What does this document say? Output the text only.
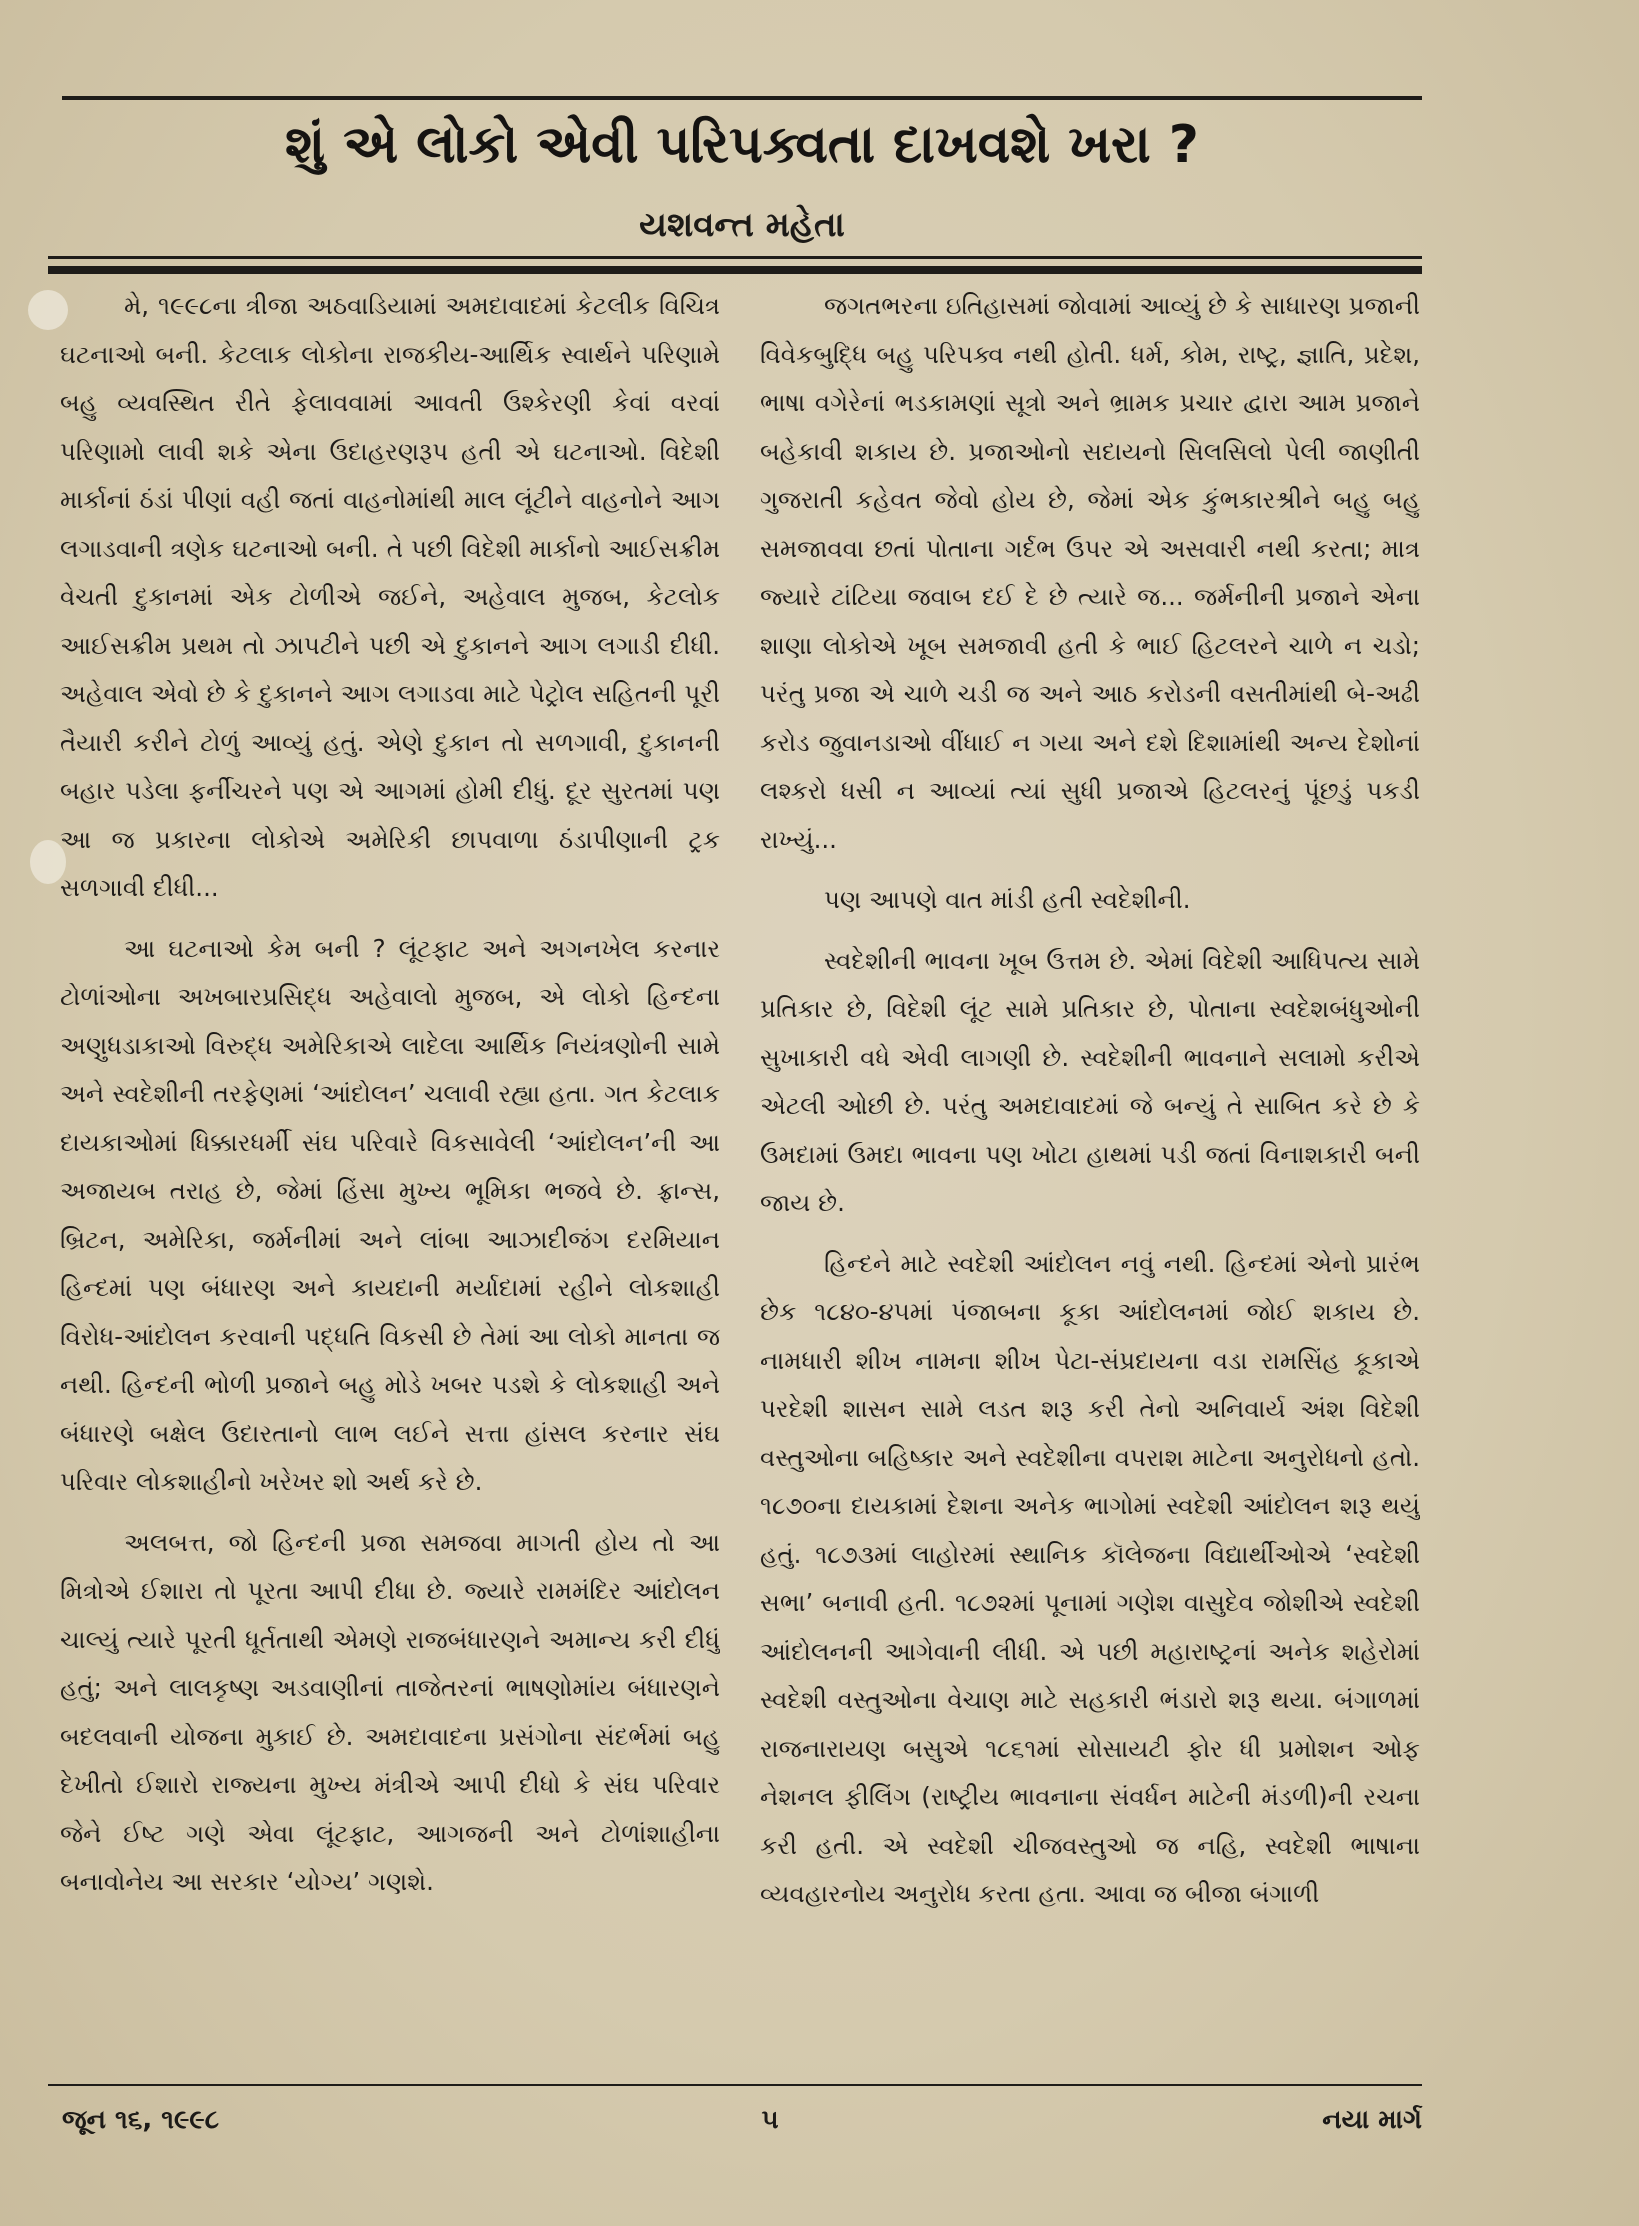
શું એ લોકો એવી પરિપક્વતા દાખવશે ખરા ?
યશવન્ત મહેતા

મે, ૧૯૯૮ના ત્રીજા અઠવાડિયામાં અમદાવાદમાં કેટલીક વિચિત્ર ઘટનાઓ બની. કેટલાક લોકોના રાજકીય-આર્થિક સ્વાર્થને પરિણામે બહુ વ્યવસ્થિત રીતે ફેલાવવામાં આવતી ઉશ્કેરણી કેવાં વરવાં પરિણામો લાવી શકે એના ઉદાહરણરૂપ હતી એ ઘટનાઓ. વિદેશી માર્કાનાં ઠંડાં પીણાં વહી જતાં વાહનોમાંથી માલ લૂંટીને વાહનોને આગ લગાડવાની ત્રણેક ઘટનાઓ બની. તે પછી વિદેશી માર્કાનો આઈસક્રીમ વેચતી દુકાનમાં એક ટોળીએ જઈને, અહેવાલ મુજબ, કેટલોક આઈસક્રીમ પ્રથમ તો ઝાપટીને પછી એ દુકાનને આગ લગાડી દીધી. અહેવાલ એવો છે કે દુકાનને આગ લગાડવા માટે પેટ્રોલ સહિતની પૂરી તૈયારી કરીને ટોળું આવ્યું હતું. એણે દુકાન તો સળગાવી, દુકાનની બહાર પડેલા ફર્નીચરને પણ એ આગમાં હોમી દીધું. દૂર સુરતમાં પણ આ જ પ્રકારના લોકોએ અમેરિકી છાપવાળા ઠંડાપીણાની ટ્રક સળગાવી દીધી...

આ ઘટનાઓ કેમ બની ? લૂંટફાટ અને અગનખેલ કરનાર ટોળાંઓના અખબારપ્રસિદ્ધ અહેવાલો મુજબ, એ લોકો હિન્દના અણુધડાકાઓ વિરુદ્ધ અમેરિકાએ લાદેલા આર્થિક નિયંત્રણોની સામે અને સ્વદેશીની તરફેણમાં ‘આંદોલન’ ચલાવી રહ્યા હતા. ગત કેટલાક દાયકાઓમાં ધિક્કારધર્મી સંઘ પરિવારે વિકસાવેલી ‘આંદોલન’ની આ અજાયબ તરાહ છે, જેમાં હિંસા મુખ્ય ભૂમિકા ભજવે છે. ફ્રાન્સ, બ્રિટન, અમેરિકા, જર્મનીમાં અને લાંબા આઝાદીજંગ દરમિયાન હિન્દમાં પણ બંધારણ અને કાયદાની મર્યાદામાં રહીને લોકશાહી વિરોધ-આંદોલન કરવાની પદ્ધતિ વિકસી છે તેમાં આ લોકો માનતા જ નથી. હિન્દની ભોળી પ્રજાને બહુ મોડે ખબર પડશે કે લોકશાહી અને બંધારણે બક્ષેલ ઉદારતાનો લાભ લઈને સત્તા હાંસલ કરનાર સંઘ પરિવાર લોકશાહીનો ખરેખર શો અર્થ કરે છે.

અલબત્ત, જો હિન્દની પ્રજા સમજવા માગતી હોય તો આ મિત્રોએ ઈશારા તો પૂરતા આપી દીધા છે. જ્યારે રામમંદિર આંદોલન ચાલ્યું ત્યારે પૂરતી ધૂર્તતાથી એમણે રાજબંધારણને અમાન્ય કરી દીધું હતું; અને લાલકૃષ્ણ અડવાણીનાં તાજેતરનાં ભાષણોમાંય બંધારણને બદલવાની યોજના મુકાઈ છે. અમદાવાદના પ્રસંગોના સંદર્ભમાં બહુ દેખીતો ઈશારો રાજ્યના મુખ્ય મંત્રીએ આપી દીધો કે સંઘ પરિવાર જેને ઈષ્ટ ગણે એવા લૂંટફાટ, આગજની અને ટોળાંશાહીના બનાવોનેય આ સરકાર ‘યોગ્ય’ ગણશે.

જગતભરના ઇતિહાસમાં જોવામાં આવ્યું છે કે સાધારણ પ્રજાની વિવેકબુદ્ધિ બહુ પરિપક્વ નથી હોતી. ધર્મ, કોમ, રાષ્ટ્ર, જ્ઞાતિ, પ્રદેશ, ભાષા વગેરેનાં ભડકામણાં સૂત્રો અને ભ્રામક પ્રચાર દ્વારા આમ પ્રજાને બહેકાવી શકાય છે. પ્રજાઓનો સદાયનો સિલસિલો પેલી જાણીતી ગુજરાતી કહેવત જેવો હોય છે, જેમાં એક કુંભકારશ્રીને બહુ બહુ સમજાવવા છતાં પોતાના ગર્દભ ઉપર એ અસવારી નથી કરતા; માત્ર જ્યારે ટાંટિયા જવાબ દઈ દે છે ત્યારે જ... જર્મનીની પ્રજાને એના શાણા લોકોએ ખૂબ સમજાવી હતી કે ભાઈ હિટલરને ચાળે ન ચડો; પરંતુ પ્રજા એ ચાળે ચડી જ અને આઠ કરોડની વસતીમાંથી બે-અઢી કરોડ જુવાનડાઓ વીંધાઈ ન ગયા અને દશે દિશામાંથી અન્ય દેશોનાં લશ્કરો ધસી ન આવ્યાં ત્યાં સુધી પ્રજાએ હિટલરનું પૂંછડું પકડી રાખ્યું...

પણ આપણે વાત માંડી હતી સ્વદેશીની.

સ્વદેશીની ભાવના ખૂબ ઉત્તમ છે. એમાં વિદેશી આધિપત્ય સામે પ્રતિકાર છે, વિદેશી લૂંટ સામે પ્રતિકાર છે, પોતાના સ્વદેશબંધુઓની સુખાકારી વધે એવી લાગણી છે. સ્વદેશીની ભાવનાને સલામો કરીએ એટલી ઓછી છે. પરંતુ અમદાવાદમાં જે બન્યું તે સાબિત કરે છે કે ઉમદામાં ઉમદા ભાવના પણ ખોટા હાથમાં પડી જતાં વિનાશકારી બની જાય છે.

હિન્દને માટે સ્વદેશી આંદોલન નવું નથી. હિન્દમાં એનો પ્રારંભ છેક ૧૮૪૦-૪૫માં પંજાબના કૂકા આંદોલનમાં જોઈ શકાય છે. નામધારી શીખ નામના શીખ પેટા-સંપ્રદાયના વડા રામસિંહ કૂકાએ પરદેશી શાસન સામે લડત શરૂ કરી તેનો અનિવાર્ય અંશ વિદેશી વસ્તુઓના બહિષ્કાર અને સ્વદેશીના વપરાશ માટેના અનુરોધનો હતો. ૧૮૭૦ના દાયકામાં દેશના અનેક ભાગોમાં સ્વદેશી આંદોલન શરૂ થયું હતું. ૧૮૭૩માં લાહોરમાં સ્થાનિક કૉલેજના વિદ્યાર્થીઓએ ‘સ્વદેશી સભા’ બનાવી હતી. ૧૮૭૨માં પૂનામાં ગણેશ વાસુદેવ જોશીએ સ્વદેશી આંદોલનની આગેવાની લીધી. એ પછી મહારાષ્ટ્રનાં અનેક શહેરોમાં સ્વદેશી વસ્તુઓના વેચાણ માટે સહકારી ભંડારો શરૂ થયા. બંગાળમાં રાજનારાયણ બસુએ ૧૮૬૧માં સોસાયટી ફોર ધી પ્રમોશન ઓફ નેશનલ ફીલિંગ (રાષ્ટ્રીય ભાવનાના સંવર્ધન માટેની મંડળી)ની રચના કરી હતી. એ સ્વદેશી ચીજવસ્તુઓ જ નહિ, સ્વદેશી ભાષાના વ્યવહારનોય અનુરોધ કરતા હતા. આવા જ બીજા બંગાળી

જૂન ૧૬, ૧૯૯૮	૫	નયા માર્ગ
